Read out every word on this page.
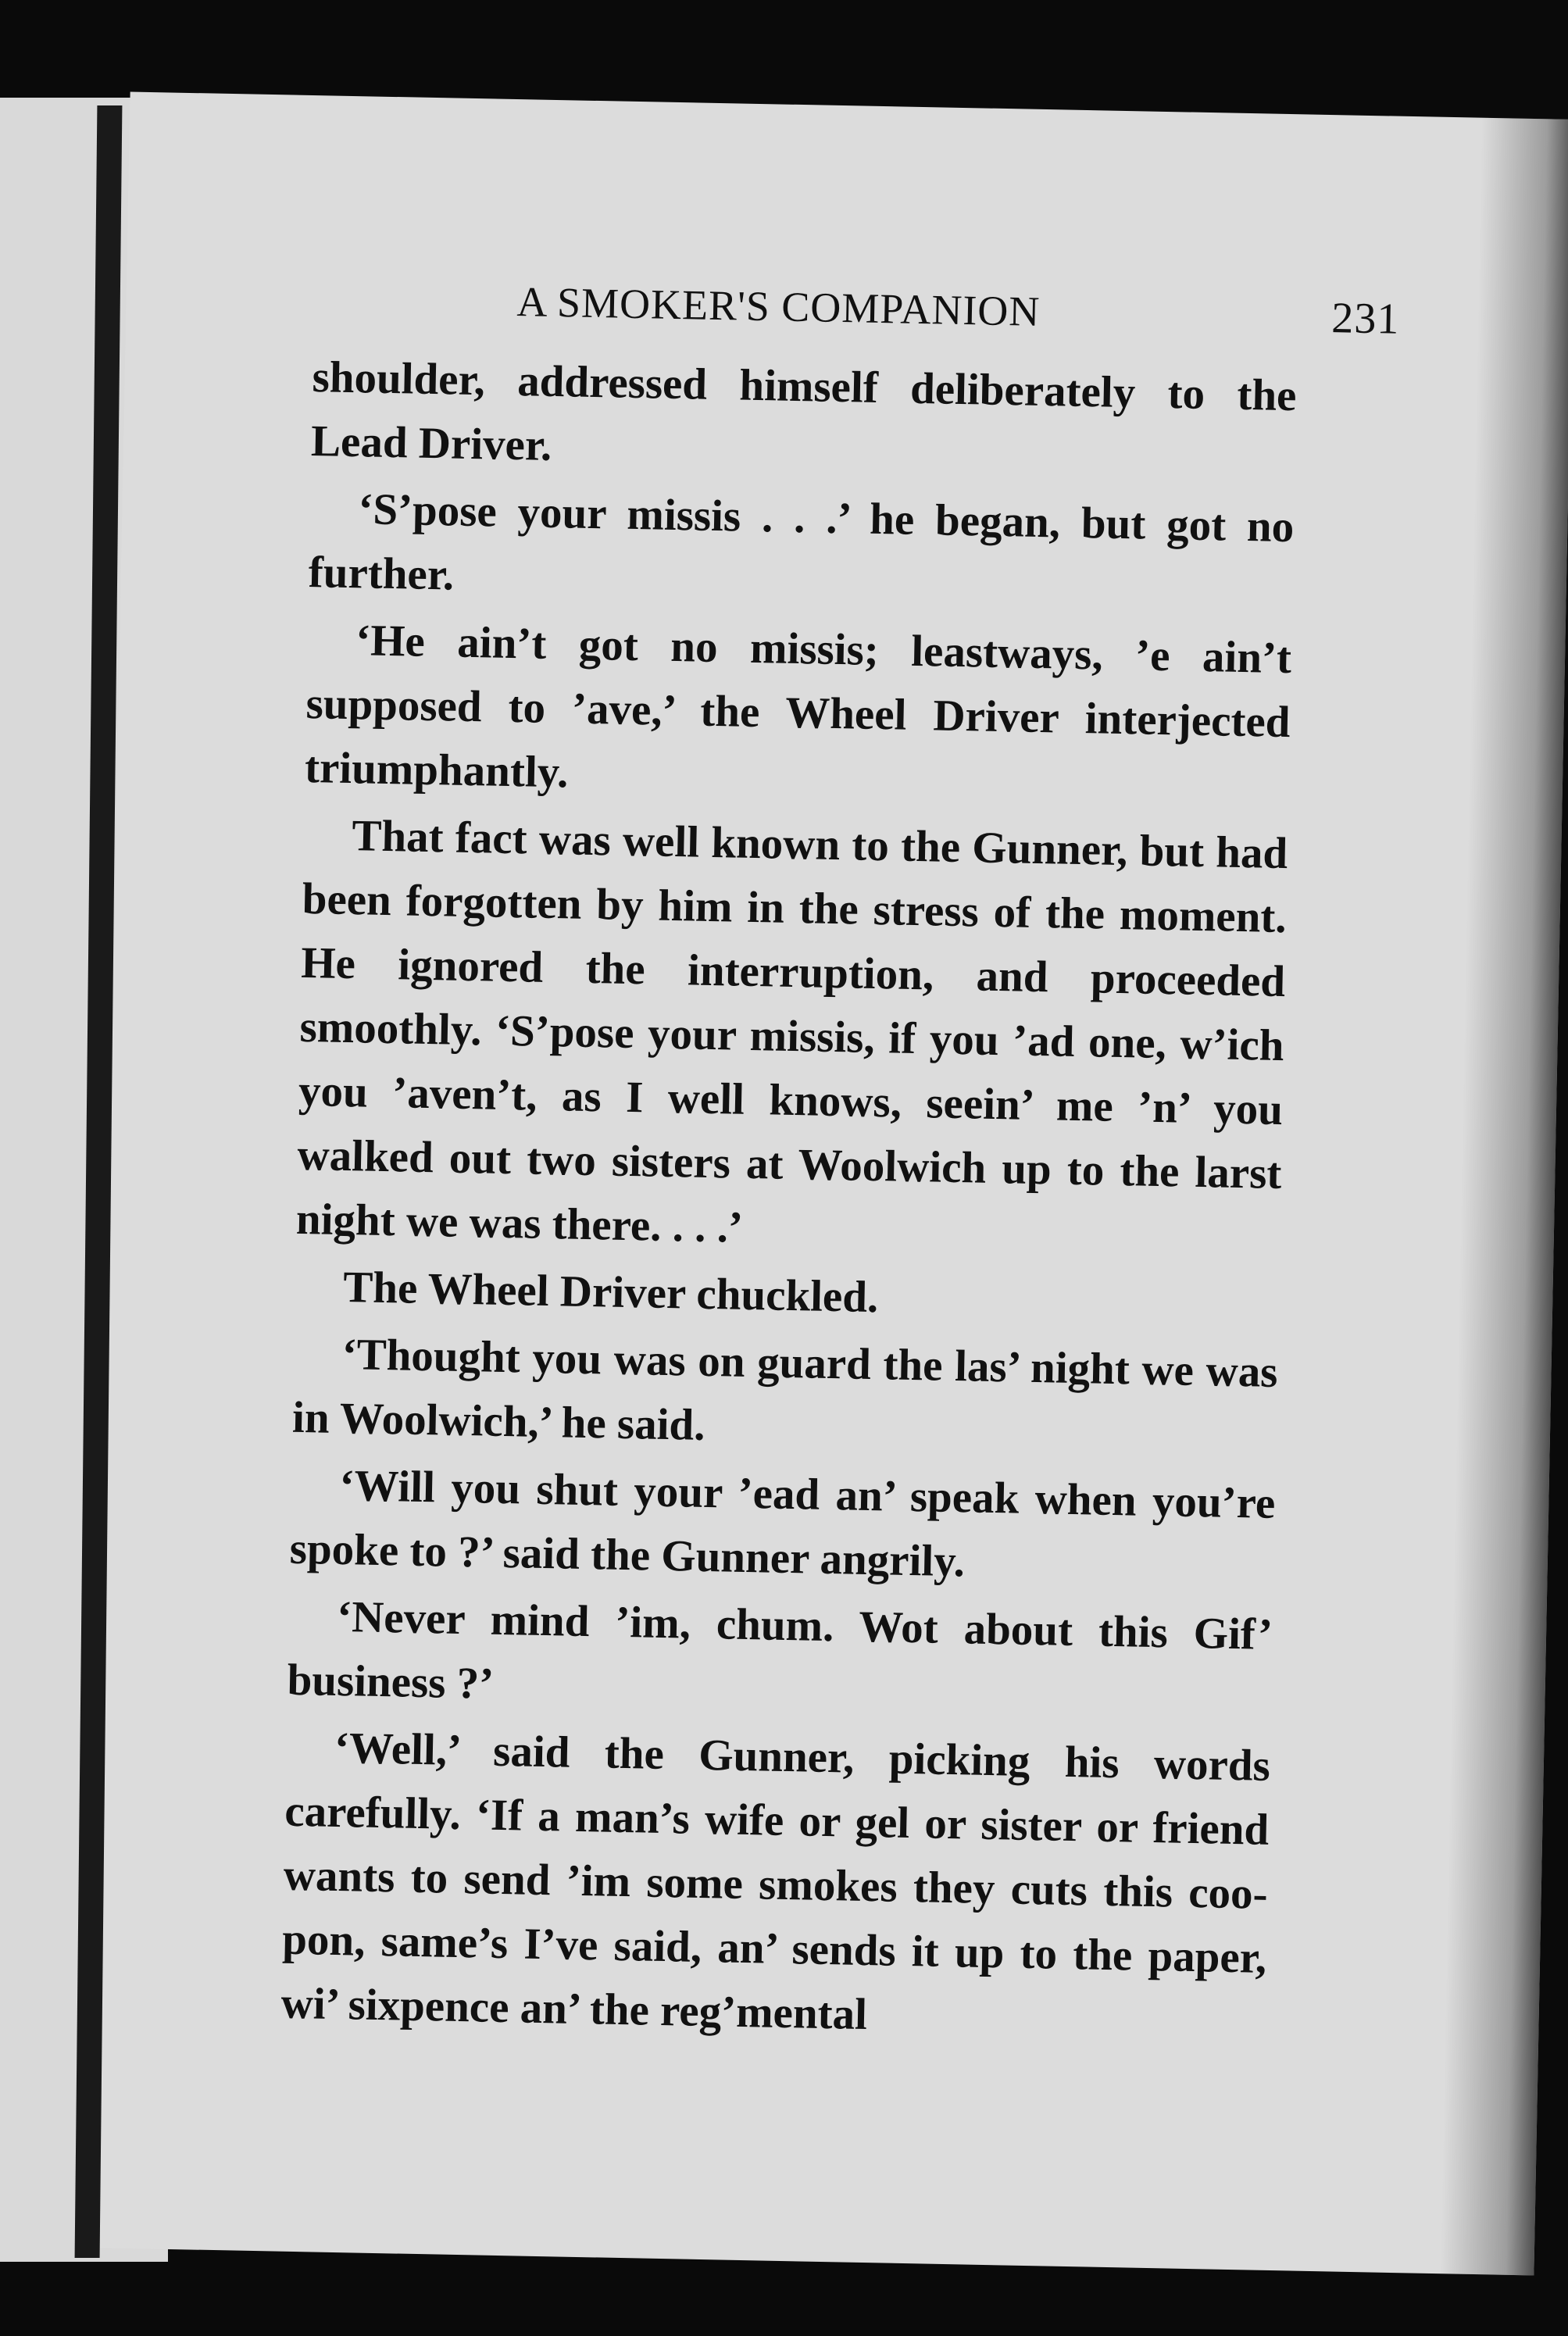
A SMOKER'S COMPANION	231

shoulder, addressed himself deliberately to the Lead Driver.

‘S’pose your missis . . .’ he began, but got no further.

‘He ain’t got no missis; leastways, ’e ain’t supposed to ’ave,’ the Wheel Driver interjected triumphantly.

That fact was well known to the Gunner, but had been forgotten by him in the stress of the moment. He ignored the interruption, and proceeded smoothly. ‘S’pose your missis, if you ’ad one, w’ich you ’aven’t, as I well knows, seein’ me ’n’ you walked out two sisters at Woolwich up to the larst night we was there. . . .’

The Wheel Driver chuckled.

‘Thought you was on guard the las’ night we was in Woolwich,’ he said.

‘Will you shut your ’ead an’ speak when you’re spoke to ?’ said the Gunner angrily.

‘Never mind ’im, chum. Wot about this Gif’ business ?’

‘Well,’ said the Gunner, picking his words carefully. ‘If a man’s wife or gel or sister or friend wants to send ’im some smokes they cuts this coo-pon, same’s I’ve said, an’ sends it up to the paper, wi’ sixpence an’ the reg’mental
